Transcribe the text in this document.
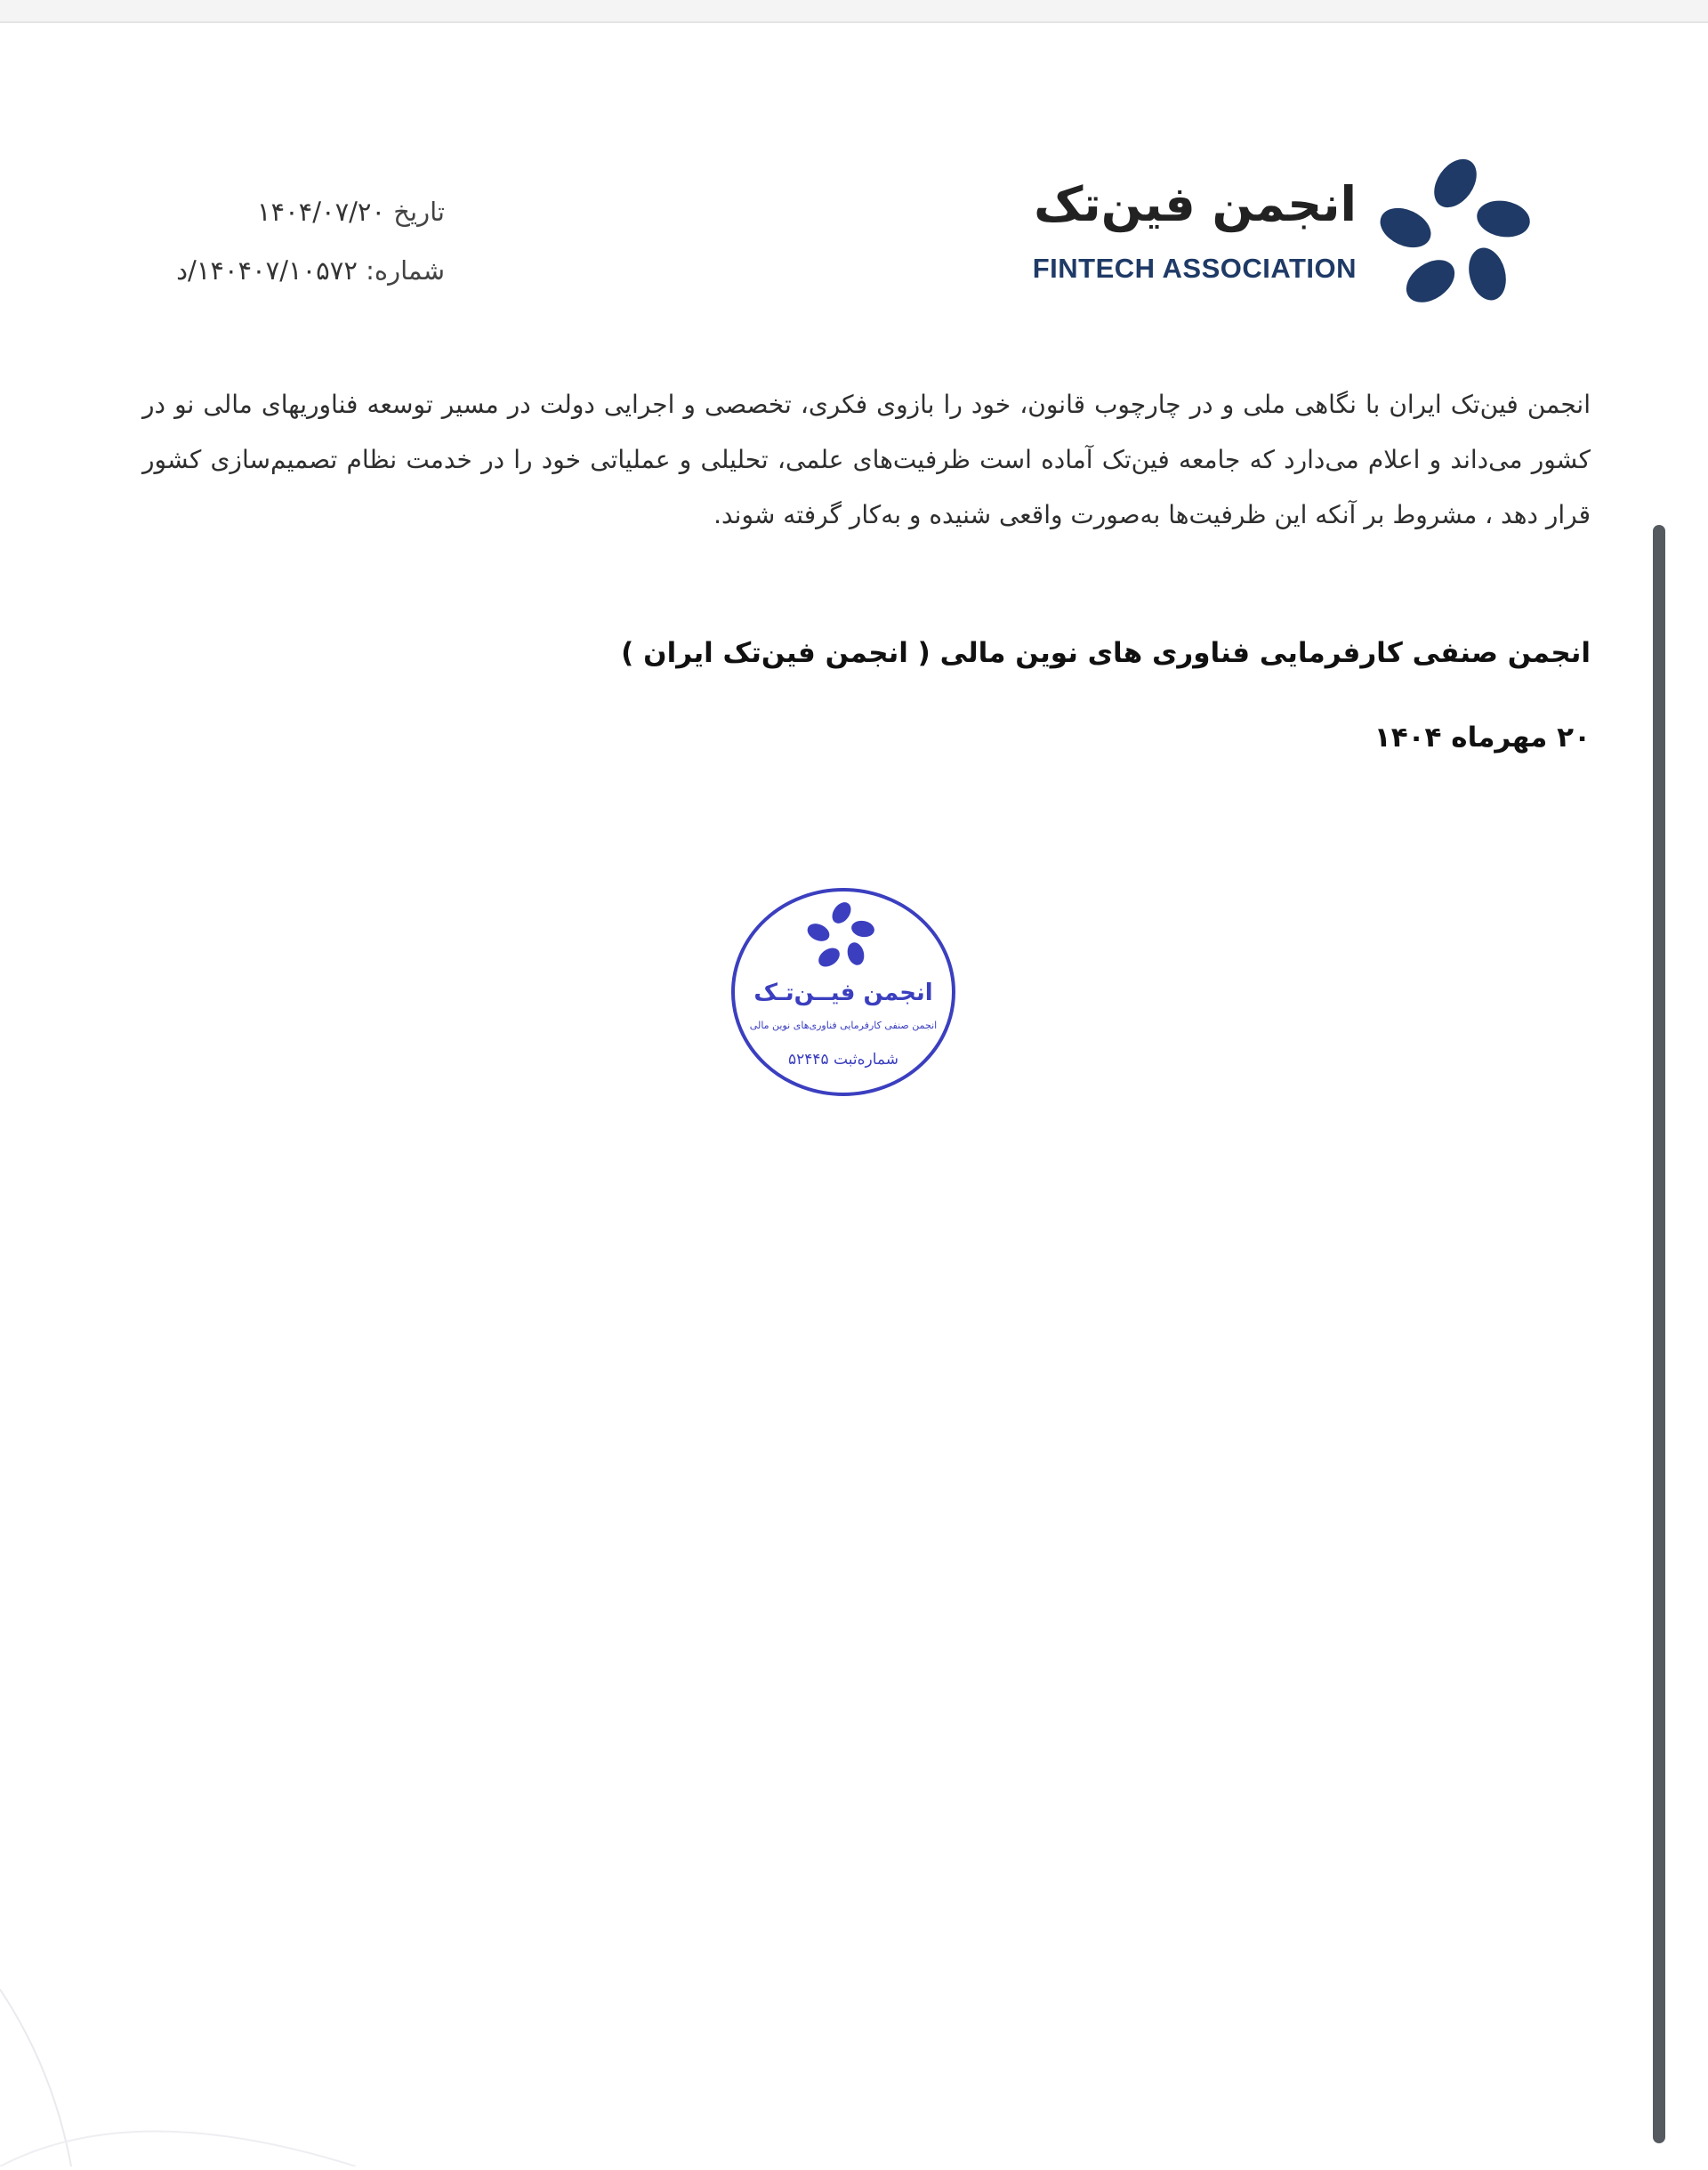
انجمن فین‌تک
FINTECH ASSOCIATION
تاریخ ۱۴۰۴/۰۷/۲۰
شماره: ۱۴۰۴۰۷/۱۰۵۷۲/د
انجمن فین‌تک ایران با نگاهی ملی و در چارچوب قانون، خود را بازوی فکری، تخصصی و اجرایی دولت در مسیر توسعه فناوریهای مالی نو در کشور می‌داند و اعلام می‌دارد که جامعه فین‌تک آماده است ظرفیت‌های علمی، تحلیلی و عملیاتی خود را در خدمت نظام تصمیم‌سازی کشور قرار دهد ، مشروط بر آنکه این ظرفیت‌ها به‌صورت واقعی شنیده و به‌کار گرفته شوند.
انجمن صنفی کارفرمایی فناوری های نوین مالی ( انجمن فین‌تک ایران )
۲۰ مهرماه ۱۴۰۴
انجمن فیــن‌تـک
انجمن صنفی کارفرمایی فناوری‌های نوین مالی
شماره‌ثبت ۵۲۴۴۵
